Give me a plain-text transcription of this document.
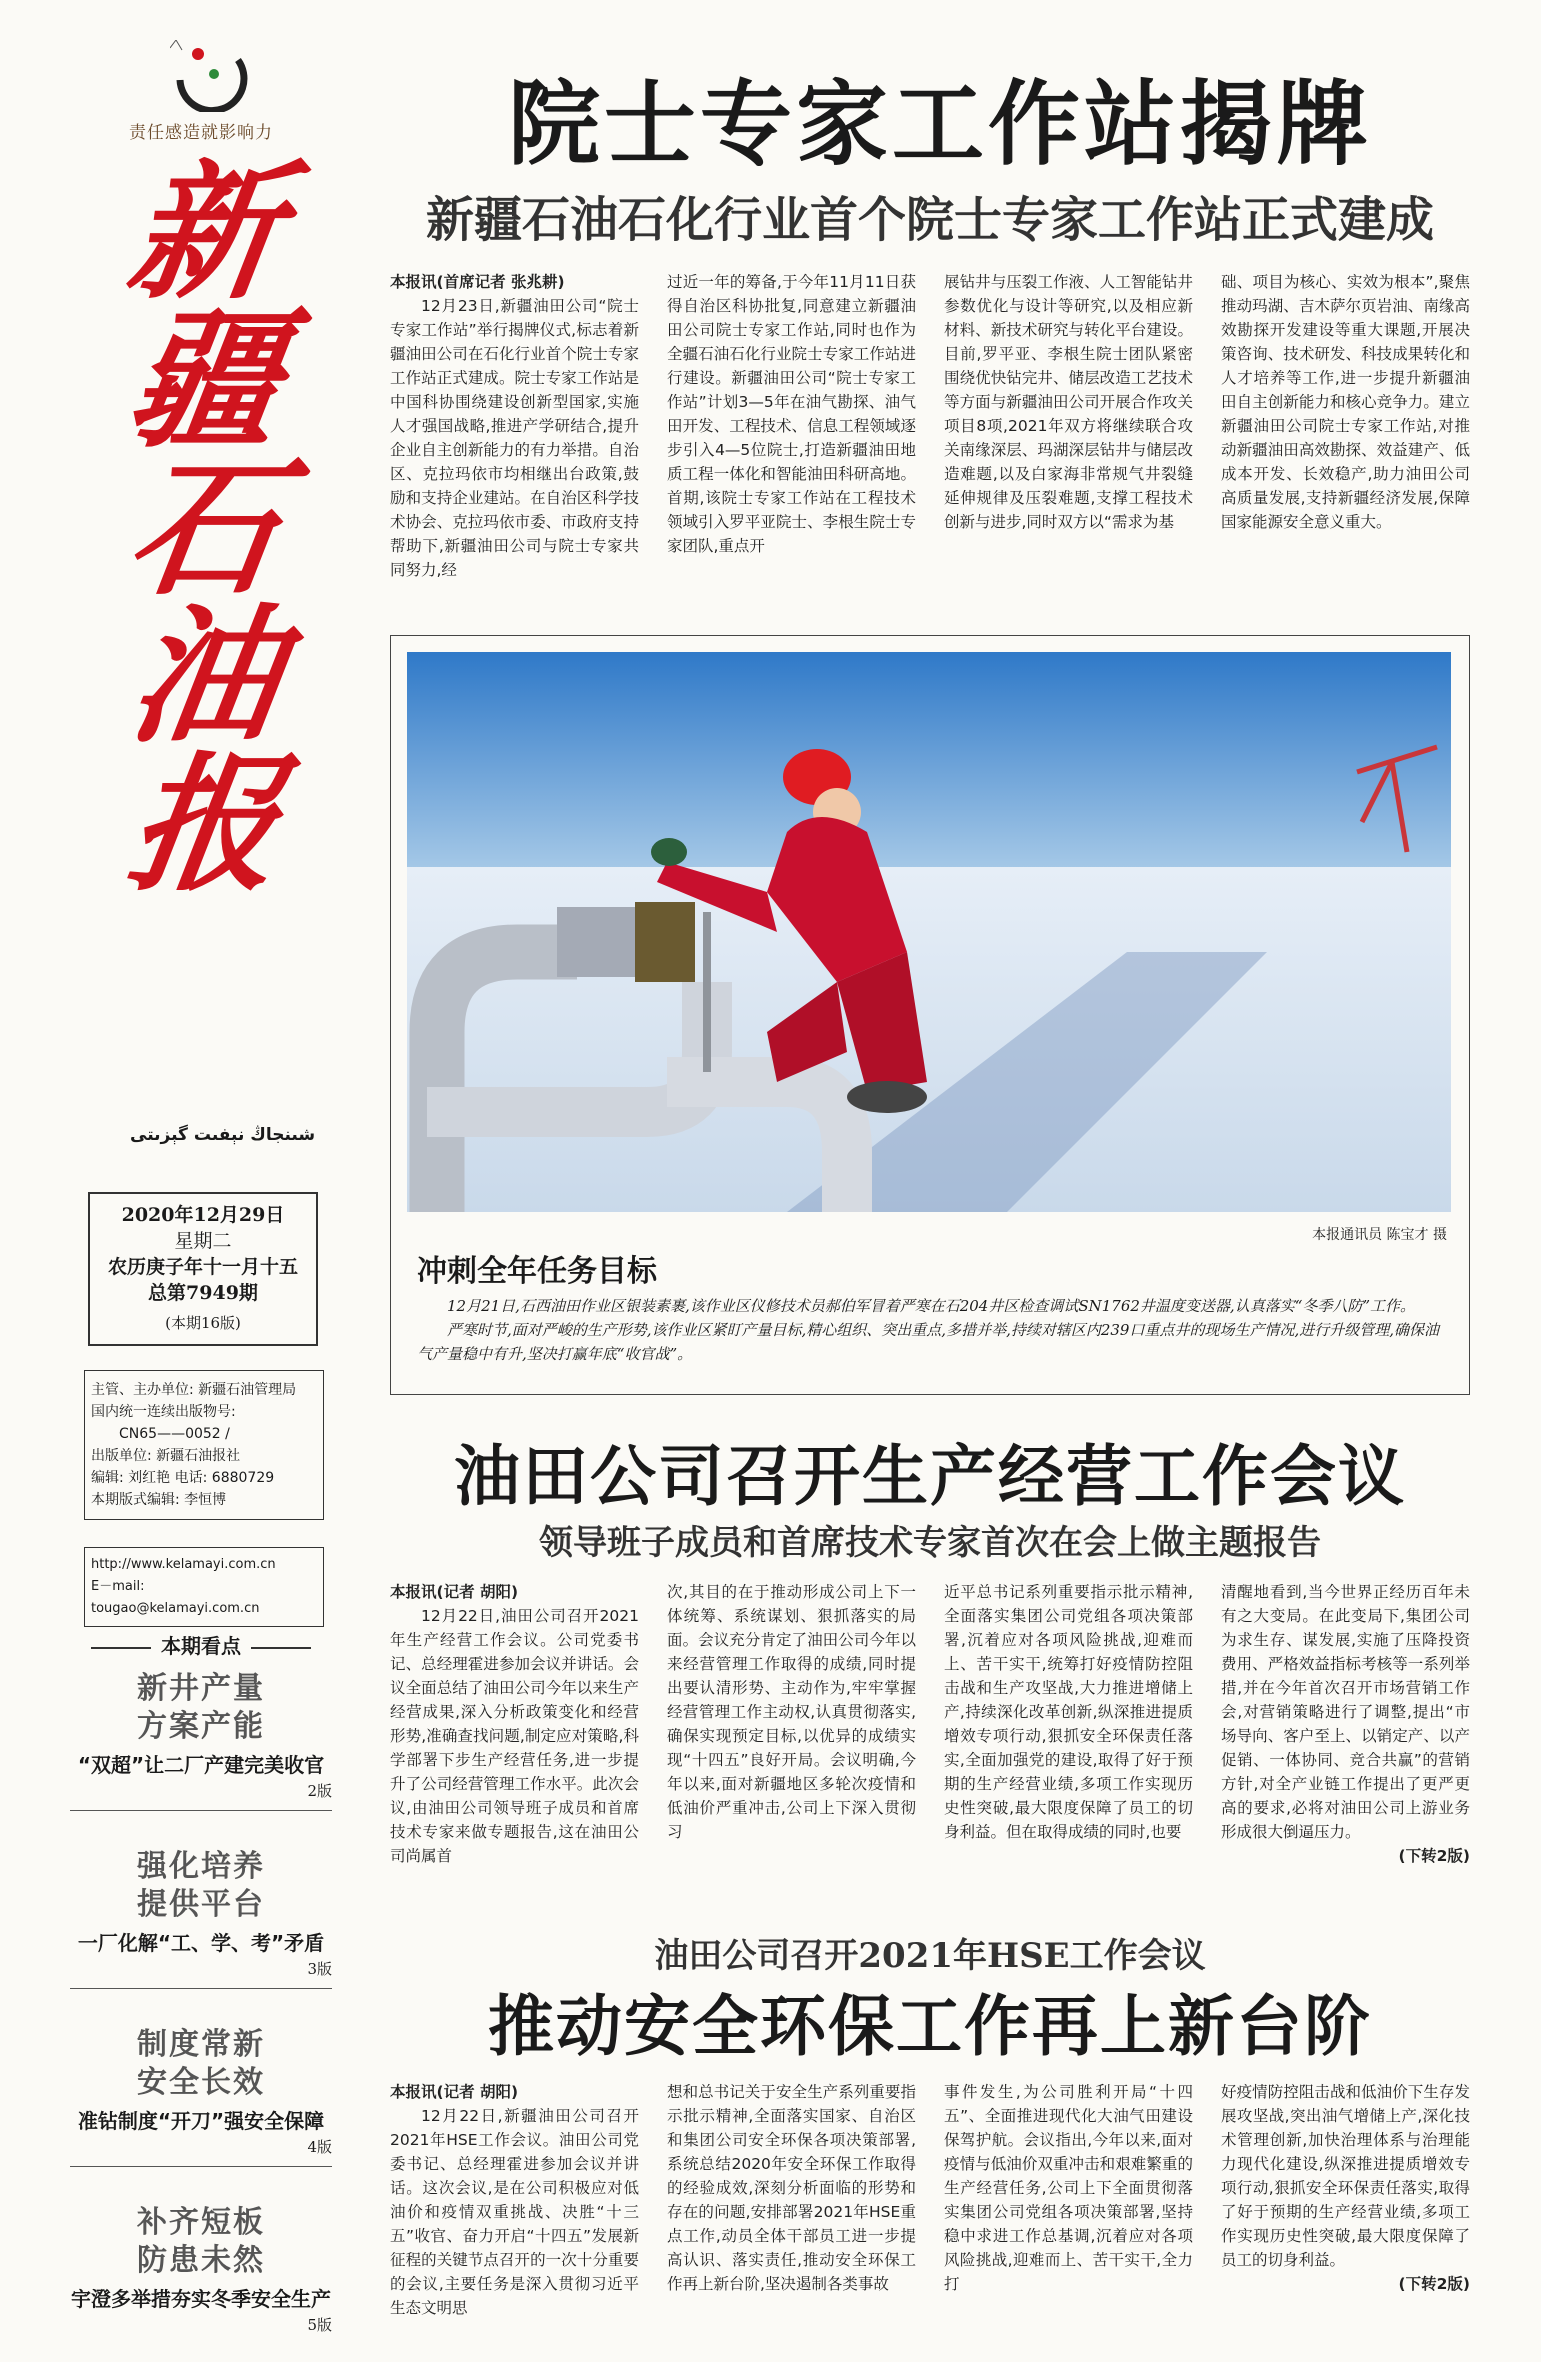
责任感造就影响力
新
疆
石
油
报
شىنجاڭ نېفىت گېزىتى
2020年12月29日
星期二
农历庚子年十一月十五
总第7949期
(本期16版)
主管、主办单位: 新疆石油管理局
国内统一连续出版物号:
CN65——0052 /
出版单位: 新疆石油报社
编辑: 刘红艳 电话: 6880729
本期版式编辑: 李恒博
http://www.kelamayi.com.cn
E－mail: tougao@kelamayi.com.cn
本期看点
新井产量
方案产能
“双超”让二厂产建完美收官
2版
强化培养
提供平台
一厂化解“工、学、考”矛盾
3版
制度常新
安全长效
准钻制度“开刀”强安全保障
4版
补齐短板
防患未然
宇澄多举措夯实冬季安全生产
5版
院士专家工作站揭牌
新疆石油石化行业首个院士专家工作站正式建成

本报讯(首席记者 张兆耕)

12月23日,新疆油田公司“院士专家工作站”举行揭牌仪式,标志着新疆油田公司在石化行业首个院士专家工作站正式建成。院士专家工作站是中国科协围绕建设创新型国家,实施人才强国战略,推进产学研结合,提升企业自主创新能力的有力举措。自治区、克拉玛依市均相继出台政策,鼓励和支持企业建站。在自治区科学技术协会、克拉玛依市委、市政府支持帮助下,新疆油田公司与院士专家共同努力,经

过近一年的筹备,于今年11月11日获得自治区科协批复,同意建立新疆油田公司院士专家工作站,同时也作为全疆石油石化行业院士专家工作站进行建设。新疆油田公司“院士专家工作站”计划3—5年在油气勘探、油气田开发、工程技术、信息工程领域逐步引入4—5位院士,打造新疆油田地质工程一体化和智能油田科研高地。首期,该院士专家工作站在工程技术领域引入罗平亚院士、李根生院士专家团队,重点开

展钻井与压裂工作液、人工智能钻井参数优化与设计等研究,以及相应新材料、新技术研究与转化平台建设。目前,罗平亚、李根生院士团队紧密围绕优快钻完井、储层改造工艺技术等方面与新疆油田公司开展合作攻关项目8项,2021年双方将继续联合攻关南缘深层、玛湖深层钻井与储层改造难题,以及白家海非常规气井裂缝延伸规律及压裂难题,支撑工程技术创新与进步,同时双方以“需求为基

础、项目为核心、实效为根本”,聚焦推动玛湖、吉木萨尔页岩油、南缘高效勘探开发建设等重大课题,开展决策咨询、技术研发、科技成果转化和人才培养等工作,进一步提升新疆油田自主创新能力和核心竞争力。建立新疆油田公司院士专家工作站,对推动新疆油田高效勘探、效益建产、低成本开发、长效稳产,助力油田公司高质量发展,支持新疆经济发展,保障国家能源安全意义重大。

本报通讯员 陈宝才 摄
冲刺全年任务目标

12月21日,石西油田作业区银装素裹,该作业区仪修技术员郝伯军冒着严寒在石204井区检查调试SN1762井温度变送器,认真落实“冬季八防”工作。

严寒时节,面对严峻的生产形势,该作业区紧盯产量目标,精心组织、突出重点,多措并举,持续对辖区内239口重点井的现场生产情况,进行升级管理,确保油气产量稳中有升,坚决打赢年底“收官战”。

油田公司召开生产经营工作会议
领导班子成员和首席技术专家首次在会上做主题报告

本报讯(记者 胡阳)

12月22日,油田公司召开2021年生产经营工作会议。公司党委书记、总经理霍进参加会议并讲话。会议全面总结了油田公司今年以来生产经营成果,深入分析政策变化和经营形势,准确查找问题,制定应对策略,科学部署下步生产经营任务,进一步提升了公司经营管理工作水平。此次会议,由油田公司领导班子成员和首席技术专家来做专题报告,这在油田公司尚属首

次,其目的在于推动形成公司上下一体统筹、系统谋划、狠抓落实的局面。会议充分肯定了油田公司今年以来经营管理工作取得的成绩,同时提出要认清形势、主动作为,牢牢掌握经营管理工作主动权,认真贯彻落实,确保实现预定目标,以优异的成绩实现“十四五”良好开局。会议明确,今年以来,面对新疆地区多轮次疫情和低油价严重冲击,公司上下深入贯彻习

近平总书记系列重要指示批示精神,全面落实集团公司党组各项决策部署,沉着应对各项风险挑战,迎难而上、苦干实干,统筹打好疫情防控阻击战和生产攻坚战,大力推进增储上产,持续深化改革创新,纵深推进提质增效专项行动,狠抓安全环保责任落实,全面加强党的建设,取得了好于预期的生产经营业绩,多项工作实现历史性突破,最大限度保障了员工的切身利益。但在取得成绩的同时,也要

清醒地看到,当今世界正经历百年未有之大变局。在此变局下,集团公司为求生存、谋发展,实施了压降投资费用、严格效益指标考核等一系列举措,并在今年首次召开市场营销工作会,对营销策略进行了调整,提出“市场导向、客户至上、以销定产、以产促销、一体协同、竞合共赢”的营销方针,对全产业链工作提出了更严更高的要求,必将对油田公司上游业务形成很大倒逼压力。

(下转2版)

油田公司召开2021年HSE工作会议
推动安全环保工作再上新台阶

本报讯(记者 胡阳)

12月22日,新疆油田公司召开2021年HSE工作会议。油田公司党委书记、总经理霍进参加会议并讲话。这次会议,是在公司积极应对低油价和疫情双重挑战、决胜“十三五”收官、奋力开启“十四五”发展新征程的关键节点召开的一次十分重要的会议,主要任务是深入贯彻习近平生态文明思

想和总书记关于安全生产系列重要指示批示精神,全面落实国家、自治区和集团公司安全环保各项决策部署,系统总结2020年安全环保工作取得的经验成效,深刻分析面临的形势和存在的问题,安排部署2021年HSE重点工作,动员全体干部员工进一步提高认识、落实责任,推动安全环保工作再上新台阶,坚决遏制各类事故

事件发生,为公司胜利开局“十四五”、全面推进现代化大油气田建设保驾护航。会议指出,今年以来,面对疫情与低油价双重冲击和艰难繁重的生产经营任务,公司上下全面贯彻落实集团公司党组各项决策部署,坚持稳中求进工作总基调,沉着应对各项风险挑战,迎难而上、苦干实干,全力打

好疫情防控阻击战和低油价下生存发展攻坚战,突出油气增储上产,深化技术管理创新,加快治理体系与治理能力现代化建设,纵深推进提质增效专项行动,狠抓安全环保责任落实,取得了好于预期的生产经营业绩,多项工作实现历史性突破,最大限度保障了员工的切身利益。

(下转2版)
